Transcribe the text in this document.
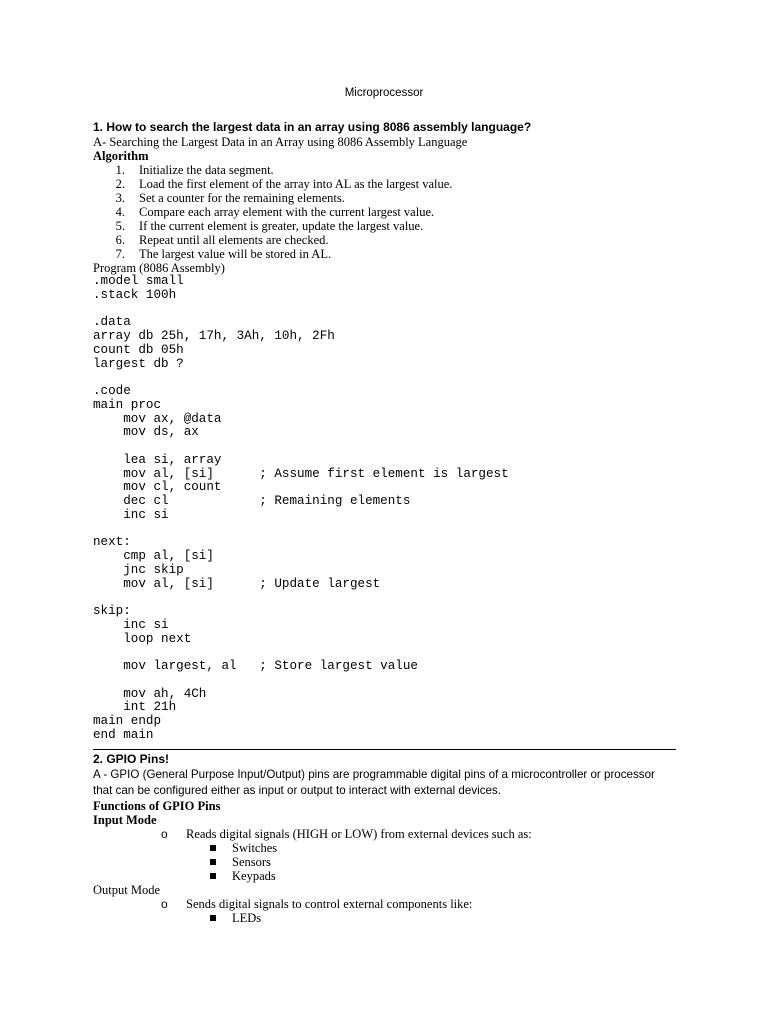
Microprocessor
1. How to search the largest data in an array using 8086 assembly language?

A- Searching the Largest Data in an Array using 8086 Assembly Language

Algorithm

1. Initialize the data segment.
2. Load the first element of the array into AL as the largest value.
3. Set a counter for the remaining elements.
4. Compare each array element with the current largest value.
5. If the current element is greater, update the largest value.
6. Repeat until all elements are checked.
7. The largest value will be stored in AL.

Program (8086 Assembly)

.model small
.stack 100h

.data
array db 25h, 17h, 3Ah, 10h, 2Fh
count db 05h
largest db ?

.code
main proc
mov ax, @data
mov ds, ax

lea si, array
mov al, [si]      ; Assume first element is largest
mov cl, count
dec cl            ; Remaining elements
inc si

next:
cmp al, [si]
jnc skip
mov al, [si]      ; Update largest

skip:
inc si
loop next

mov largest, al   ; Store largest value

mov ah, 4Ch
int 21h
main endp
end main
2. GPIO Pins!
A - GPIO (General Purpose Input/Output) pins are programmable digital pins of a microcontroller or processor that can be configured either as input or output to interact with external devices.

Functions of GPIO Pins

Input Mode

o Reads digital signals (HIGH or LOW) from external devices such as:
Switches
Sensors
Keypads

Output Mode

o Sends digital signals to control external components like:
LEDs
